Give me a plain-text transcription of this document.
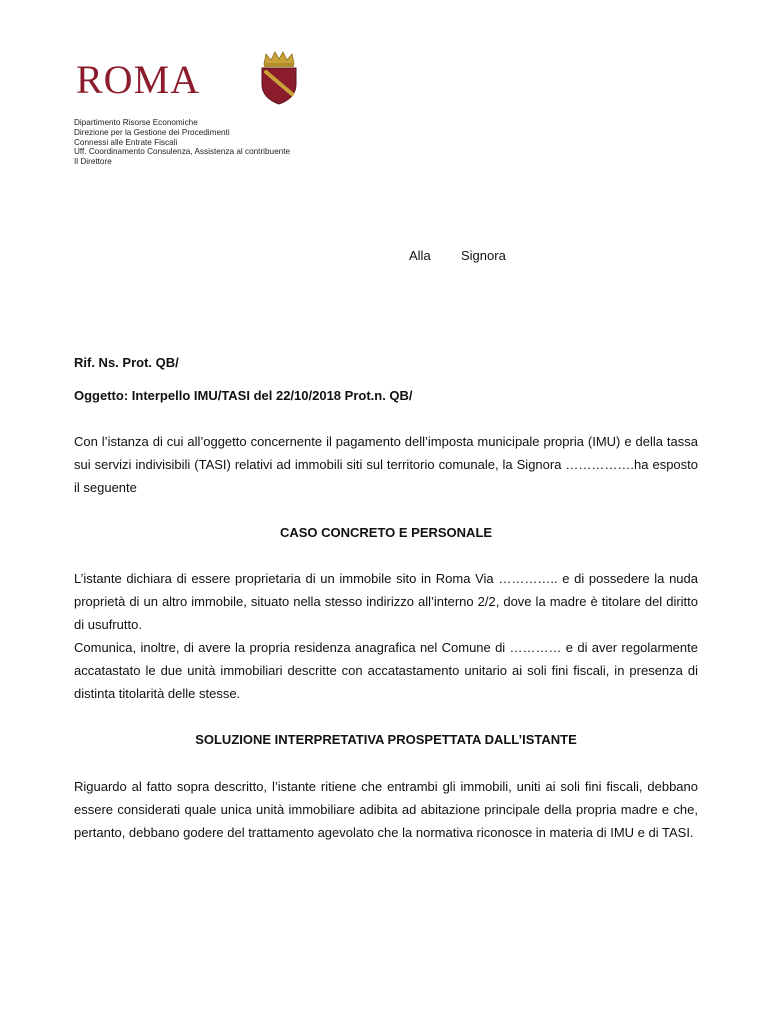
ROMA
Dipartimento Risorse Economiche
Direzione per la Gestione dei Procedimenti
Connessi alle Entrate Fiscali
Uff. Coordinamento Consulenza, Assistenza al contribuente
Il Direttore
Alla Signora
Rif. Ns. Prot. QB/
Oggetto: Interpello IMU/TASI del 22/10/2018 Prot.n. QB/
Con l’istanza di cui all’oggetto concernente il pagamento dell’imposta municipale propria (IMU) e della tassa sui servizi indivisibili (TASI) relativi ad immobili siti sul territorio comunale, la Signora …………….ha esposto il seguente
CASO CONCRETO E PERSONALE
L’istante dichiara di essere proprietaria di un immobile sito in Roma Via ………….. e di possedere la nuda proprietà di un altro immobile, situato nella stesso indirizzo all’interno 2/2, dove la madre è titolare del diritto di usufrutto.
Comunica, inoltre, di avere la propria residenza anagrafica nel Comune di ………… e di aver regolarmente accatastato le due unità immobiliari descritte con accatastamento unitario ai soli fini fiscali, in presenza di distinta titolarità delle stesse.
SOLUZIONE INTERPRETATIVA PROSPETTATA DALL’ISTANTE
Riguardo al fatto sopra descritto, l’istante ritiene che entrambi gli immobili, uniti ai soli fini fiscali, debbano essere considerati quale unica unità immobiliare adibita ad abitazione principale della propria madre e che, pertanto, debbano godere del trattamento agevolato che la normativa riconosce in materia di IMU e di TASI.
